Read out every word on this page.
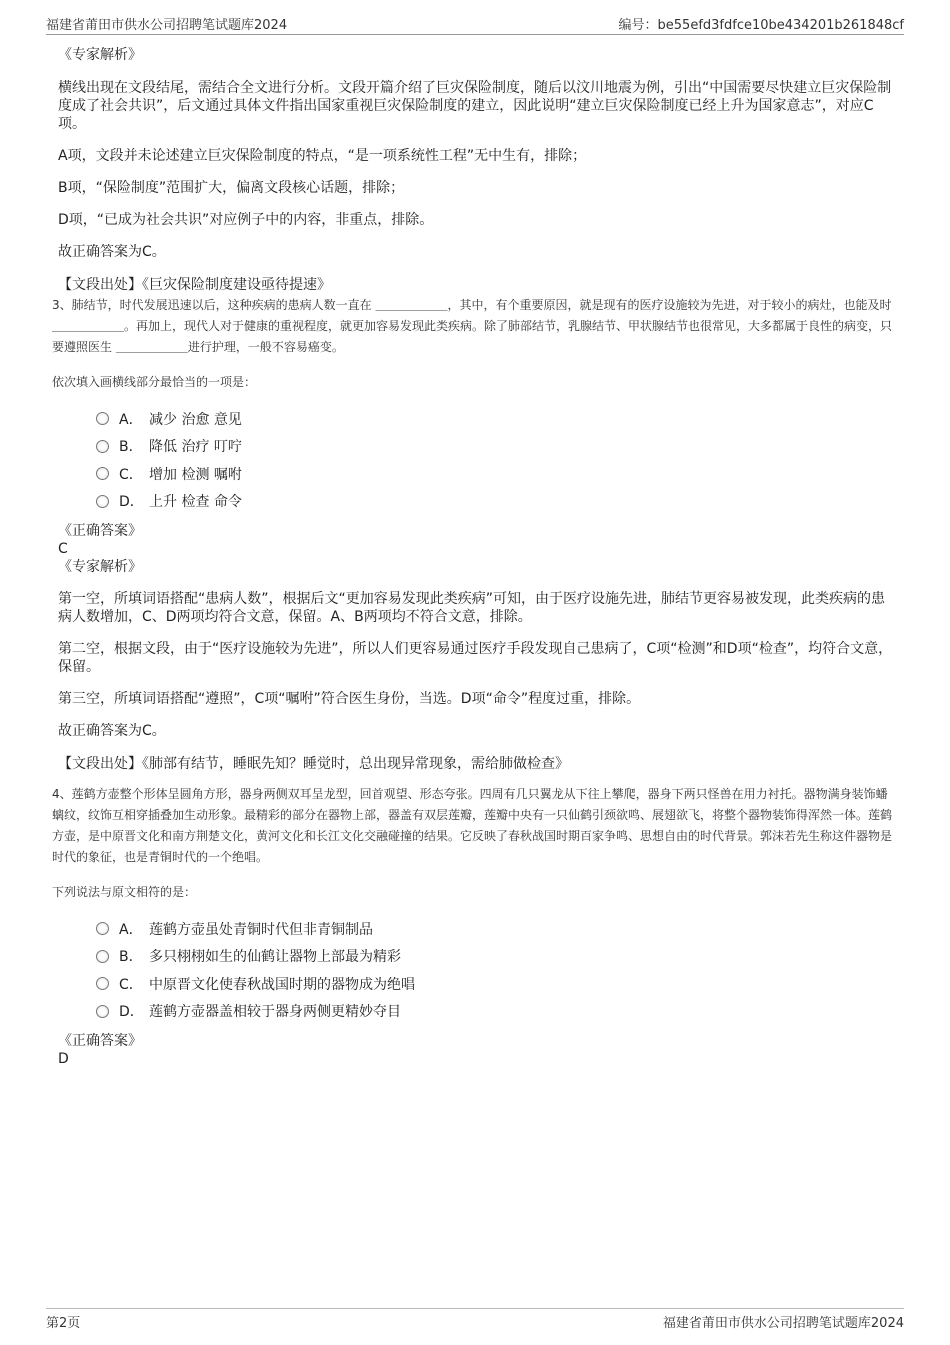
福建省莆田市供水公司招聘笔试题库2024	编号：be55efd3fdfce10be434201b261848cf
《专家解析》
横线出现在文段结尾，需结合全文进行分析。文段开篇介绍了巨灾保险制度，随后以汶川地震为例，引出“中国需要尽快建立巨灾保险制度成了社会共识”，后文通过具体文件指出国家重视巨灾保险制度的建立，因此说明“建立巨灾保险制度已经上升为国家意志”，对应C项。
A项，文段并未论述建立巨灾保险制度的特点，“是一项系统性工程”无中生有，排除；
B项，“保险制度”范围扩大，偏离文段核心话题，排除；
D项，“已成为社会共识”对应例子中的内容，非重点，排除。
故正确答案为C。
【文段出处】《巨灾保险制度建设亟待提速》
3、肺结节，时代发展迅速以后，这种疾病的患病人数一直在 ＿＿＿＿＿＿，其中，有个重要原因，就是现有的医疗设施较为先进，对于较小的病灶，也能及时 ＿＿＿＿＿＿。再加上，现代人对于健康的重视程度，就更加容易发现此类疾病。除了肺部结节，乳腺结节、甲状腺结节也很常见，大多都属于良性的病变，只要遵照医生 ＿＿＿＿＿＿进行护理，一般不容易癌变。
依次填入画横线部分最恰当的一项是：
A． 减少 治愈 意见
B． 降低 治疗 叮咛
C． 增加 检测 嘱咐
D． 上升 检查 命令
《正确答案》
C
《专家解析》
第一空，所填词语搭配“患病人数”，根据后文“更加容易发现此类疾病”可知，由于医疗设施先进，肺结节更容易被发现，此类疾病的患病人数增加，C、D两项均符合文意，保留。A、B两项均不符合文意，排除。
第二空，根据文段，由于“医疗设施较为先进”，所以人们更容易通过医疗手段发现自己患病了，C项“检测”和D项“检查”，均符合文意，保留。
第三空，所填词语搭配“遵照”，C项“嘱咐”符合医生身份，当选。D项“命令”程度过重，排除。
故正确答案为C。
【文段出处】《肺部有结节，睡眠先知？睡觉时，总出现异常现象，需给肺做检查》
4、莲鹤方壶整个形体呈圆角方形，器身两侧双耳呈龙型，回首观望、形态夸张。四周有几只翼龙从下往上攀爬，器身下两只怪兽在用力衬托。器物满身装饰蟠螭纹，纹饰互相穿插叠加生动形象。最精彩的部分在器物上部，器盖有双层莲瓣，莲瓣中央有一只仙鹤引颈欲鸣、展翅欲飞，将整个器物装饰得浑然一体。莲鹤方壶，是中原晋文化和南方荆楚文化，黄河文化和长江文化交融碰撞的结果。它反映了春秋战国时期百家争鸣、思想自由的时代背景。郭沫若先生称这件器物是时代的象征，也是青铜时代的一个绝唱。
下列说法与原文相符的是：
A． 莲鹤方壶虽处青铜时代但非青铜制品
B． 多只栩栩如生的仙鹤让器物上部最为精彩
C． 中原晋文化使春秋战国时期的器物成为绝唱
D． 莲鹤方壶器盖相较于器身两侧更精妙夺目
《正确答案》
D
第2页	福建省莆田市供水公司招聘笔试题库2024
